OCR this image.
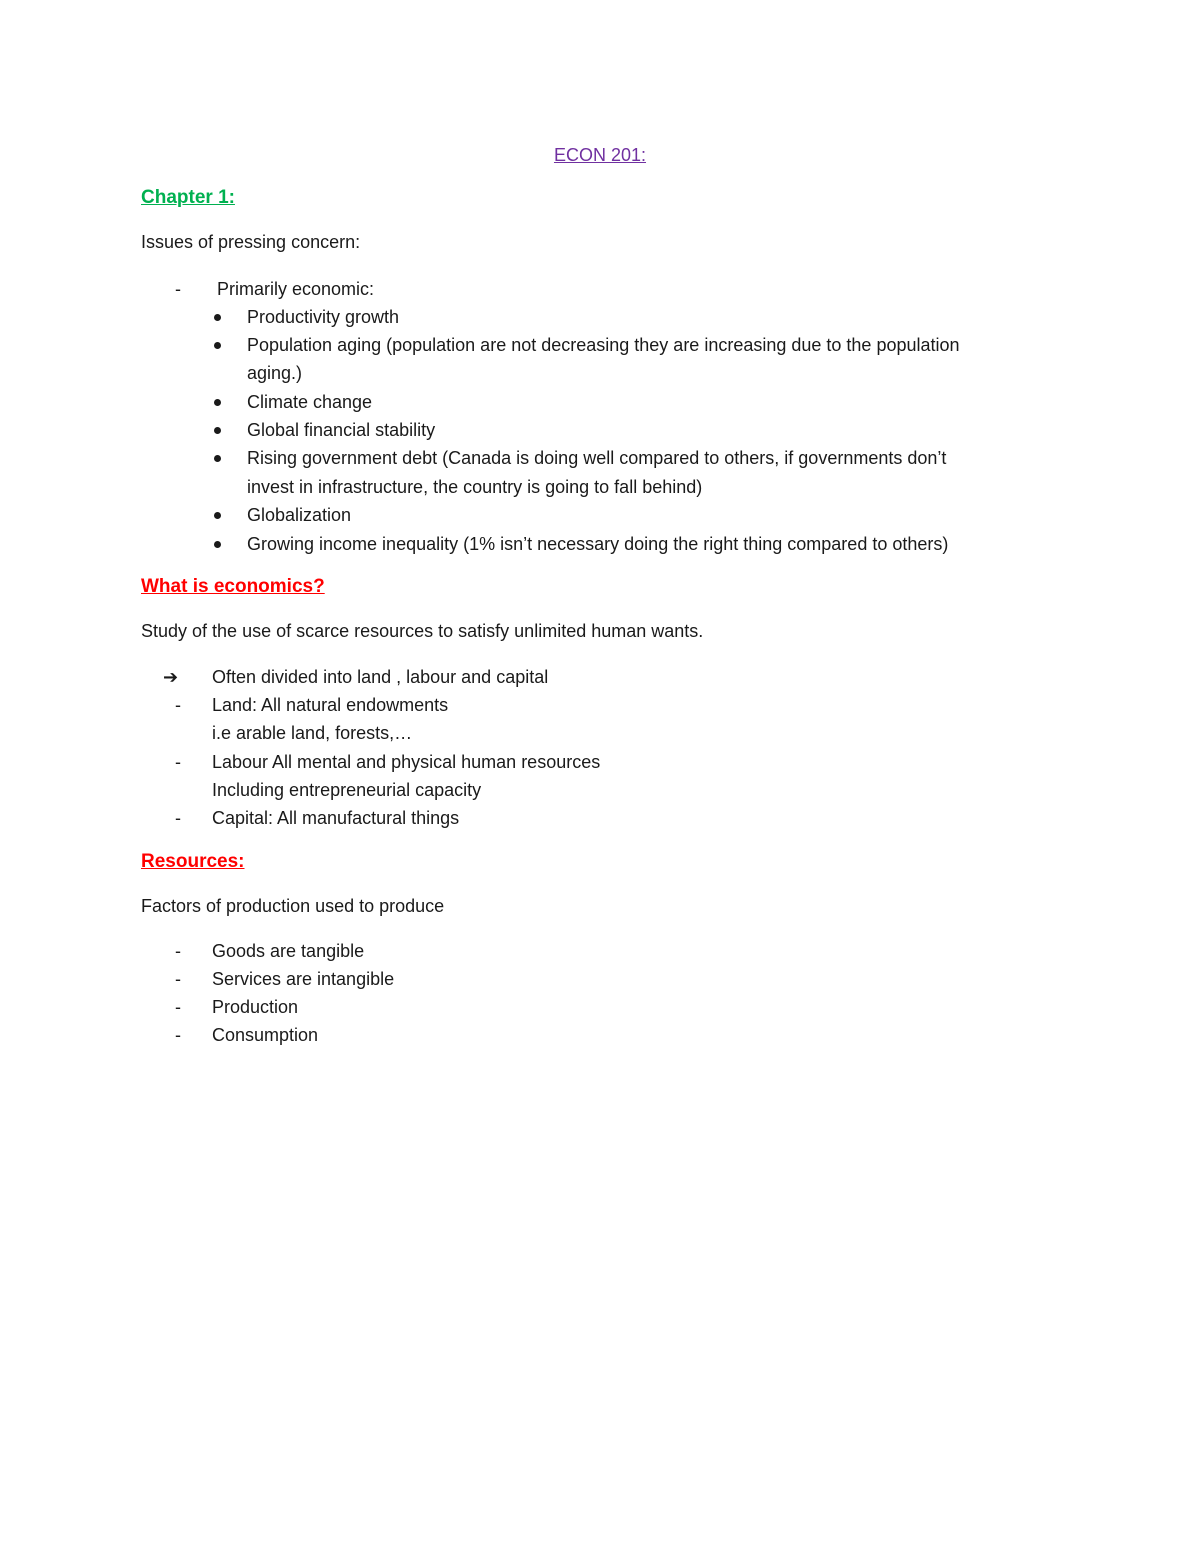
ECON 201:
Chapter 1:
Issues of pressing concern:
- Primarily economic:
Productivity growth
Population aging (population are not decreasing they are increasing due to the population
aging.)
Climate change
Global financial stability
Rising government debt (Canada is doing well compared to others, if governments don’t
invest in infrastructure, the country is going to fall behind)
Globalization
Growing income inequality (1% isn’t necessary doing the right thing compared to others)
What is economics?
Study of the use of scarce resources to satisfy unlimited human wants.
➔ Often divided into land , labour and capital
- Land: All natural endowments
i.e arable land, forests,…
- Labour All mental and physical human resources
Including entrepreneurial capacity
- Capital: All manufactural things
Resources:
Factors of production used to produce
- Goods are tangible
- Services are intangible
- Production
- Consumption
